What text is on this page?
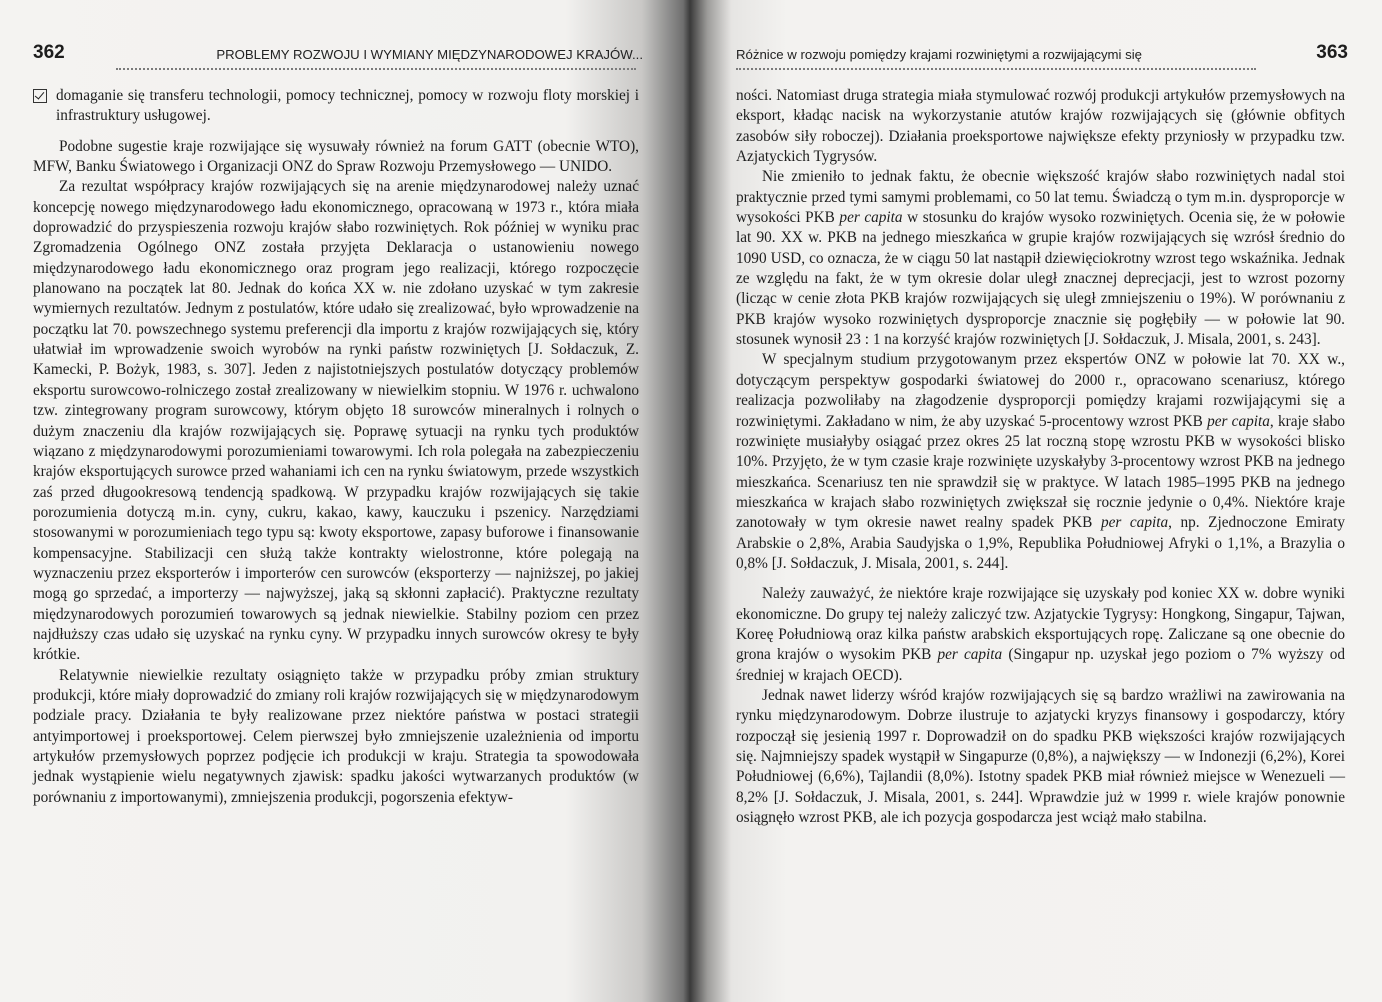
362	PROBLEMY ROZWOJU I WYMIANY MIĘDZYNARODOWEJ KRAJÓW...
domaganie się transferu technologii, pomocy technicznej, pomocy w rozwoju floty morskiej i infrastruktury usługowej.

Podobne sugestie kraje rozwijające się wysuwały również na forum GATT (obecnie WTO), MFW, Banku Światowego i Organizacji ONZ do Spraw Rozwoju Przemysłowego — UNIDO.

Za rezultat współpracy krajów rozwijających się na arenie międzynarodowej należy uznać koncepcję nowego międzynarodowego ładu ekonomicznego, opracowaną w 1973 r., która miała doprowadzić do przyspieszenia rozwoju krajów słabo rozwiniętych. Rok później w wyniku prac Zgromadzenia Ogólnego ONZ została przyjęta Deklaracja o ustanowieniu nowego międzynarodowego ładu ekonomicznego oraz program jego realizacji, którego rozpoczęcie planowano na początek lat 80. Jednak do końca XX w. nie zdołano uzyskać w tym zakresie wymiernych rezultatów. Jednym z postulatów, które udało się zrealizować, było wprowadzenie na początku lat 70. powszechnego systemu preferencji dla importu z krajów rozwijających się, który ułatwiał im wprowadzenie swoich wyrobów na rynki państw rozwiniętych [J. Sołdaczuk, Z. Kamecki, P. Bożyk, 1983, s. 307]. Jeden z najistotniejszych postulatów dotyczący problemów eksportu surowcowo-rolniczego został zrealizowany w niewielkim stopniu. W 1976 r. uchwalono tzw. zintegrowany program surowcowy, którym objęto 18 surowców mineralnych i rolnych o dużym znaczeniu dla krajów rozwijających się. Poprawę sytuacji na rynku tych produktów wiązano z międzynarodowymi porozumieniami towarowymi. Ich rola polegała na zabezpieczeniu krajów eksportujących surowce przed wahaniami ich cen na rynku światowym, przede wszystkich zaś przed długookresową tendencją spadkową. W przypadku krajów rozwijających się takie porozumienia dotyczą m.in. cyny, cukru, kakao, kawy, kauczuku i pszenicy. Narzędziami stosowanymi w porozumieniach tego typu są: kwoty eksportowe, zapasy buforowe i finansowanie kompensacyjne. Stabilizacji cen służą także kontrakty wielostronne, które polegają na wyznaczeniu przez eksporterów i importerów cen surowców (eksporterzy — najniższej, po jakiej mogą go sprzedać, a importerzy — najwyższej, jaką są skłonni zapłacić). Praktyczne rezultaty międzynarodowych porozumień towarowych są jednak niewielkie. Stabilny poziom cen przez najdłuższy czas udało się uzyskać na rynku cyny. W przypadku innych surowców okresy te były krótkie.

Relatywnie niewielkie rezultaty osiągnięto także w przypadku próby zmian struktury produkcji, które miały doprowadzić do zmiany roli krajów rozwijających się w międzynarodowym podziale pracy. Działania te były realizowane przez niektóre państwa w postaci strategii antyimportowej i proeksportowej. Celem pierwszej było zmniejszenie uzależnienia od importu artykułów przemysłowych poprzez podjęcie ich produkcji w kraju. Strategia ta spowodowała jednak wystąpienie wielu negatywnych zjawisk: spadku jakości wytwarzanych produktów (w porównaniu z importowanymi), zmniejszenia produkcji, pogorszenia efektyw-

Różnice w rozwoju pomiędzy krajami rozwiniętymi a rozwijającymi się	363

ności. Natomiast druga strategia miała stymulować rozwój produkcji artykułów przemysłowych na eksport, kładąc nacisk na wykorzystanie atutów krajów rozwijających się (głównie obfitych zasobów siły roboczej). Działania proeksportowe największe efekty przyniosły w przypadku tzw. Azjatyckich Tygrysów.

Nie zmieniło to jednak faktu, że obecnie większość krajów słabo rozwiniętych nadal stoi praktycznie przed tymi samymi problemami, co 50 lat temu. Świadczą o tym m.in. dysproporcje w wysokości PKB per capita w stosunku do krajów wysoko rozwiniętych. Ocenia się, że w połowie lat 90. XX w. PKB na jednego mieszkańca w grupie krajów rozwijających się wzrósł średnio do 1090 USD, co oznacza, że w ciągu 50 lat nastąpił dziewięciokrotny wzrost tego wskaźnika. Jednak ze względu na fakt, że w tym okresie dolar uległ znacznej deprecjacji, jest to wzrost pozorny (licząc w cenie złota PKB krajów rozwijających się uległ zmniejszeniu o 19%). W porównaniu z PKB krajów wysoko rozwiniętych dysproporcje znacznie się pogłębiły — w połowie lat 90. stosunek wynosił 23 : 1 na korzyść krajów rozwiniętych [J. Sołdaczuk, J. Misala, 2001, s. 243].

W specjalnym studium przygotowanym przez ekspertów ONZ w połowie lat 70. XX w., dotyczącym perspektyw gospodarki światowej do 2000 r., opracowano scenariusz, którego realizacja pozwoliłaby na złagodzenie dysproporcji pomiędzy krajami rozwijającymi się a rozwiniętymi. Zakładano w nim, że aby uzyskać 5-procentowy wzrost PKB per capita, kraje słabo rozwinięte musiałyby osiągać przez okres 25 lat roczną stopę wzrostu PKB w wysokości blisko 10%. Przyjęto, że w tym czasie kraje rozwinięte uzyskałyby 3-procentowy wzrost PKB na jednego mieszkańca. Scenariusz ten nie sprawdził się w praktyce. W latach 1985–1995 PKB na jednego mieszkańca w krajach słabo rozwiniętych zwiększał się rocznie jedynie o 0,4%. Niektóre kraje zanotowały w tym okresie nawet realny spadek PKB per capita, np. Zjednoczone Emiraty Arabskie o 2,8%, Arabia Saudyjska o 1,9%, Republika Południowej Afryki o 1,1%, a Brazylia o 0,8% [J. Sołdaczuk, J. Misala, 2001, s. 244].

Należy zauważyć, że niektóre kraje rozwijające się uzyskały pod koniec XX w. dobre wyniki ekonomiczne. Do grupy tej należy zaliczyć tzw. Azjatyckie Tygrysy: Hongkong, Singapur, Tajwan, Koreę Południową oraz kilka państw arabskich eksportujących ropę. Zaliczane są one obecnie do grona krajów o wysokim PKB per capita (Singapur np. uzyskał jego poziom o 7% wyższy od średniej w krajach OECD).

Jednak nawet liderzy wśród krajów rozwijających się są bardzo wrażliwi na zawirowania na rynku międzynarodowym. Dobrze ilustruje to azjatycki kryzys finansowy i gospodarczy, który rozpoczął się jesienią 1997 r. Doprowadził on do spadku PKB większości krajów rozwijających się. Najmniejszy spadek wystąpił w Singapurze (0,8%), a największy — w Indonezji (6,2%), Korei Południowej (6,6%), Tajlandii (8,0%). Istotny spadek PKB miał również miejsce w Wenezueli — 8,2% [J. Sołdaczuk, J. Misala, 2001, s. 244]. Wprawdzie już w 1999 r. wiele krajów ponownie osiągnęło wzrost PKB, ale ich pozycja gospodarcza jest wciąż mało stabilna.
